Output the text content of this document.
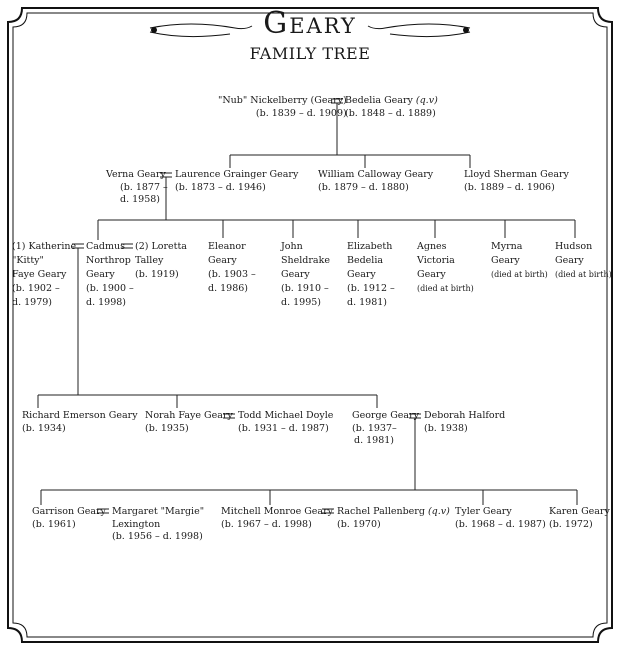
Geary
FAMILY TREE
"Nub" Nickelberry (Geary)
(b. 1839 – d. 1909)
Bedelia Geary (q.v)
(b. 1848 – d. 1889)
Verna Geary
(b. 1877 –
d. 1958)
Laurence Grainger Geary
(b. 1873 – d. 1946)
William Calloway Geary
(b. 1879 – d. 1880)
Lloyd Sherman Geary
(b. 1889 – d. 1906)
(1) Katherine
"Kitty"
Faye Geary
(b. 1902 –
d. 1979)
Cadmus
Northrop
Geary
(b. 1900 –
d. 1998)
(2) Loretta
Talley
(b. 1919)
Eleanor
Geary
(b. 1903 –
d. 1986)
John
Sheldrake
Geary
(b. 1910 –
d. 1995)
Elizabeth
Bedelia
Geary
(b. 1912 –
d. 1981)
Agnes
Victoria
Geary
(died at birth)
Myrna
Geary
(died at birth)
Hudson
Geary
(died at birth)
Richard Emerson Geary
(b. 1934)
Norah Faye Geary
(b. 1935)
Todd Michael Doyle
(b. 1931 – d. 1987)
George Geary
(b. 1937–
d. 1981)
Deborah Halford
(b. 1938)
Garrison Geary
(b. 1961)
Margaret "Margie"
Lexington
(b. 1956 – d. 1998)
Mitchell Monroe Geary
(b. 1967 – d. 1998)
Rachel Pallenberg (q.v)
(b. 1970)
Tyler Geary
(b. 1968 – d. 1987)
Karen Geary
(b. 1972)
